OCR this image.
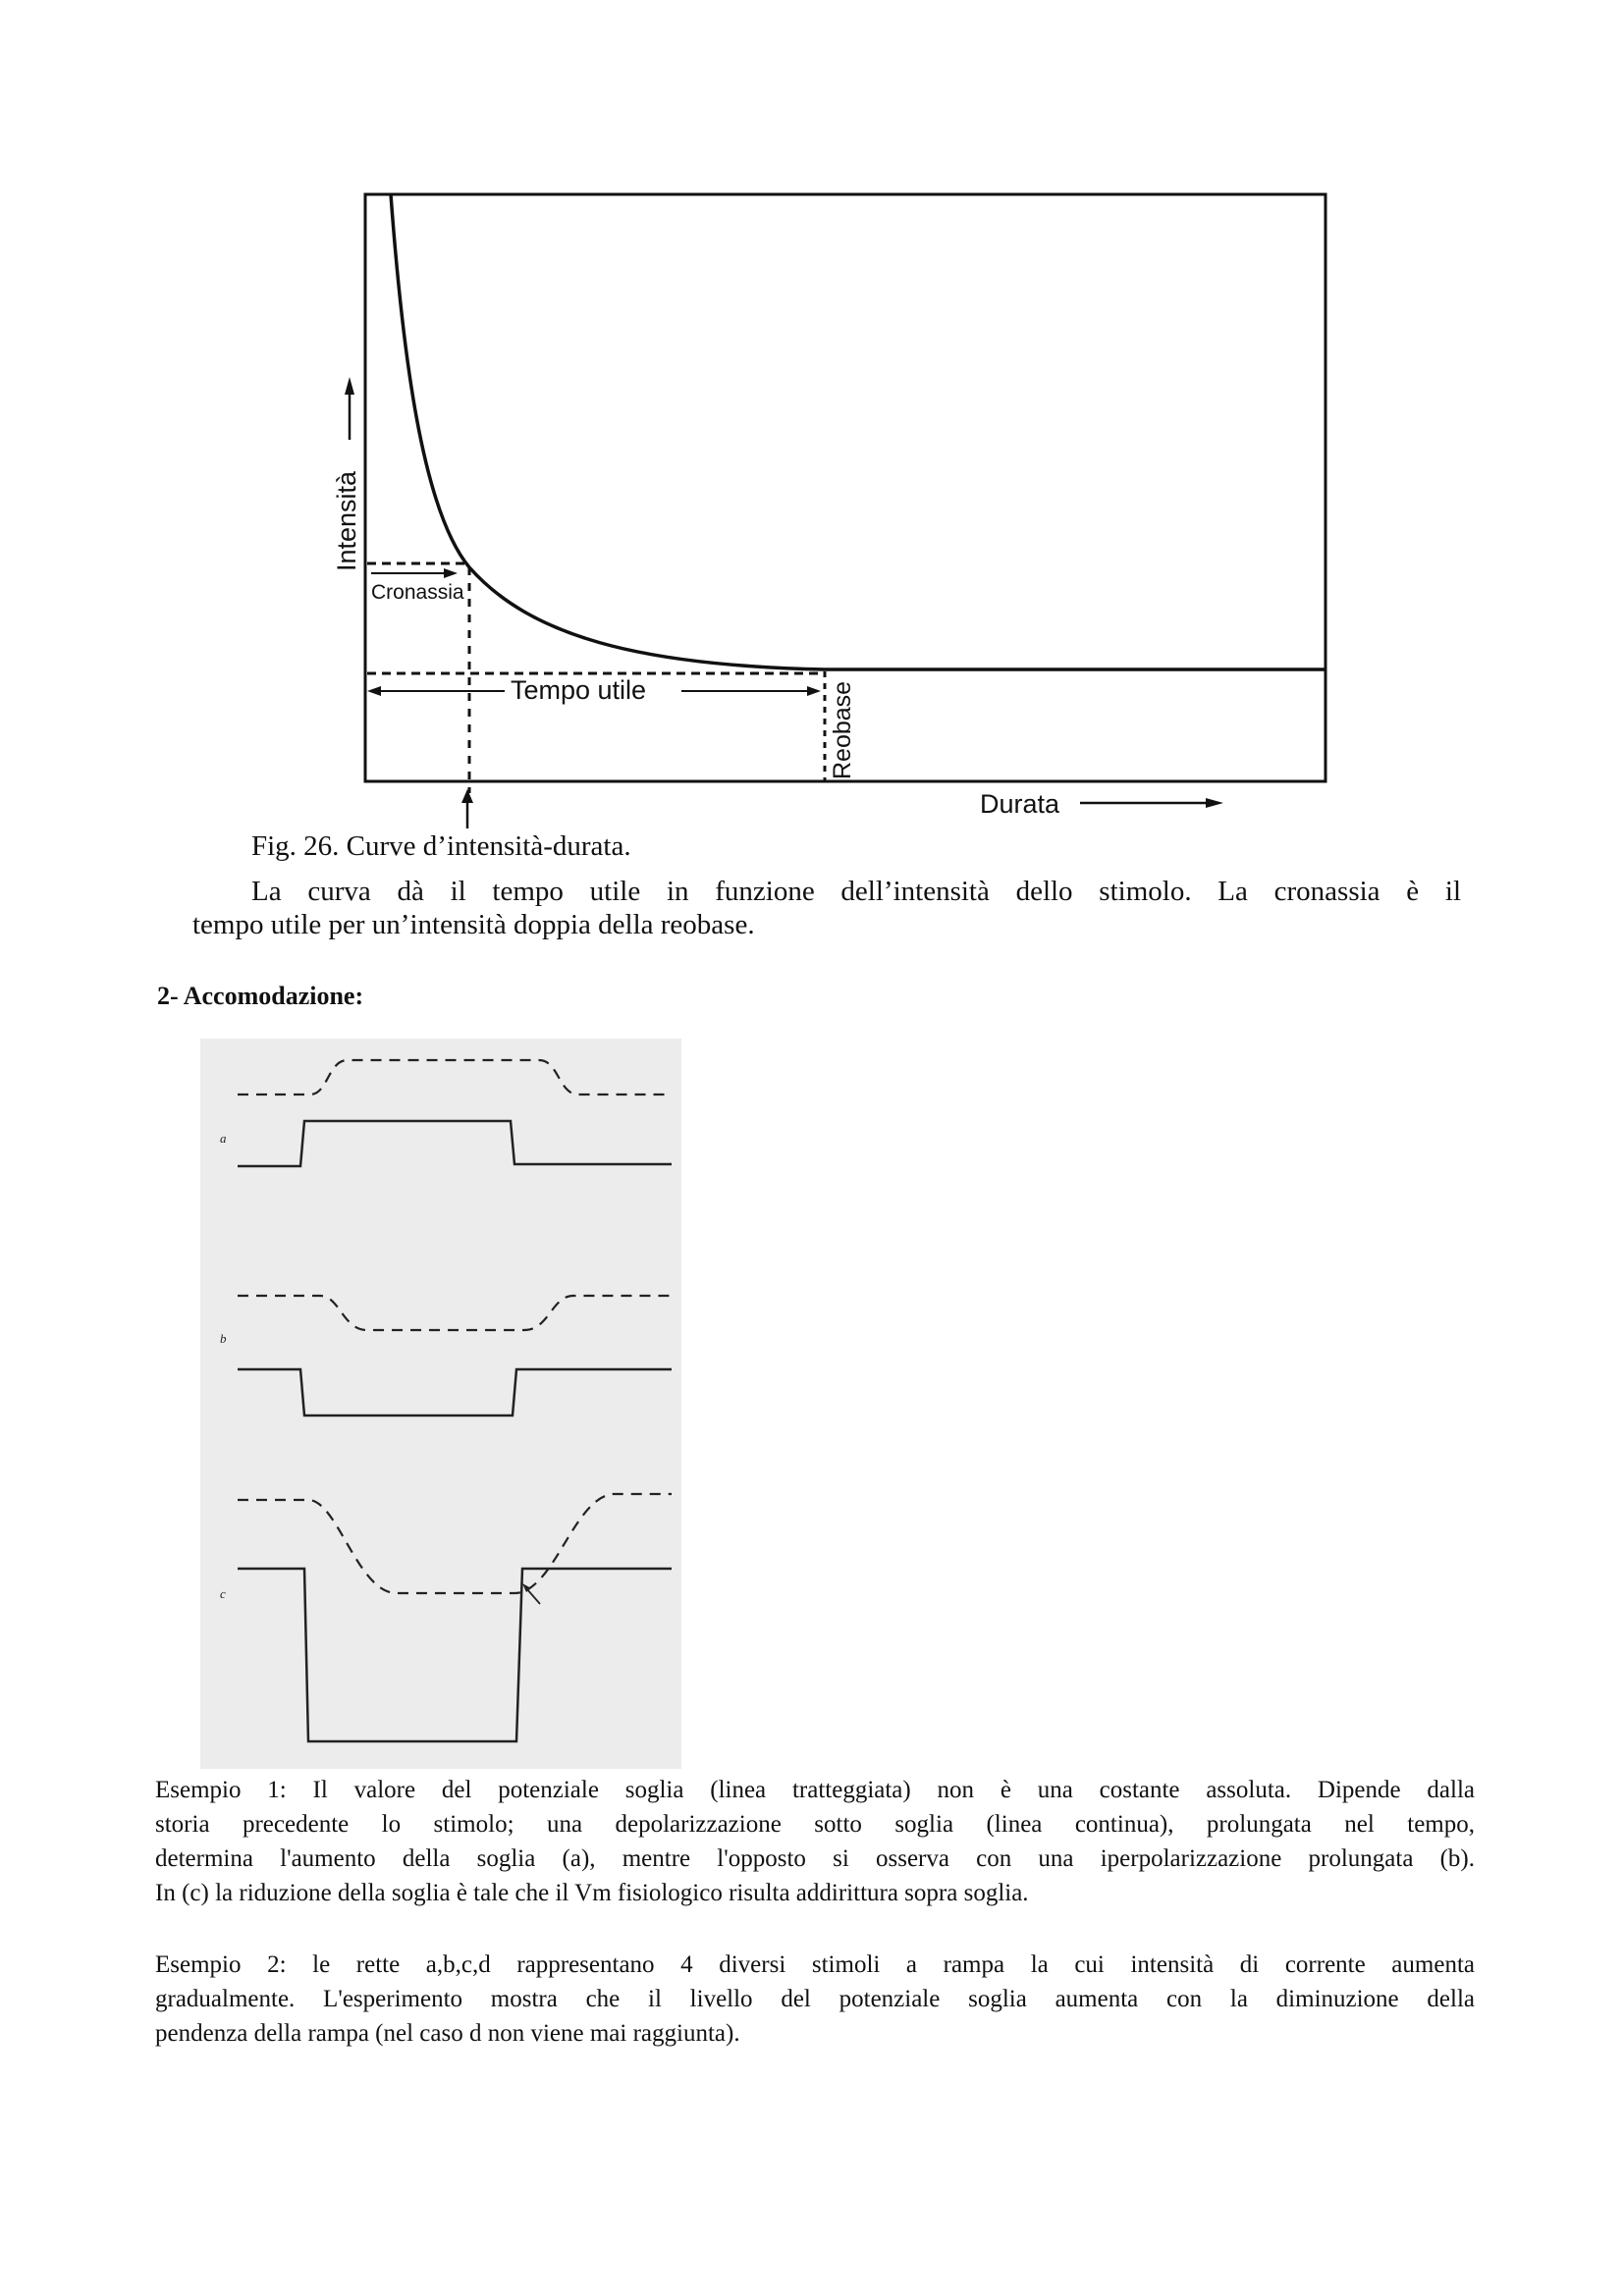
Intensità
Cronassia
Tempo utile	Reobase
Durata
Fig. 26. Curve d’intensità-durata.
La curva dà il tempo utile in funzione dell’intensità dello stimolo. La cronassia è il
tempo utile per un’intensità doppia della reobase.
2- Accomodazione:
a
b
c
Esempio 1: Il valore del potenziale soglia (linea tratteggiata) non è una costante assoluta. Dipende dalla
storia precedente lo stimolo; una depolarizzazione sotto soglia (linea continua), prolungata nel tempo,
determina l'aumento della soglia (a), mentre l'opposto si osserva con una iperpolarizzazione prolungata (b).
In (c) la riduzione della soglia è tale che il Vm fisiologico risulta addirittura sopra soglia.
Esempio 2: le rette a,b,c,d rappresentano 4 diversi stimoli a rampa la cui intensità di corrente aumenta
gradualmente. L'esperimento mostra che il livello del potenziale soglia aumenta con la diminuzione della
pendenza della rampa (nel caso d non viene mai raggiunta).
